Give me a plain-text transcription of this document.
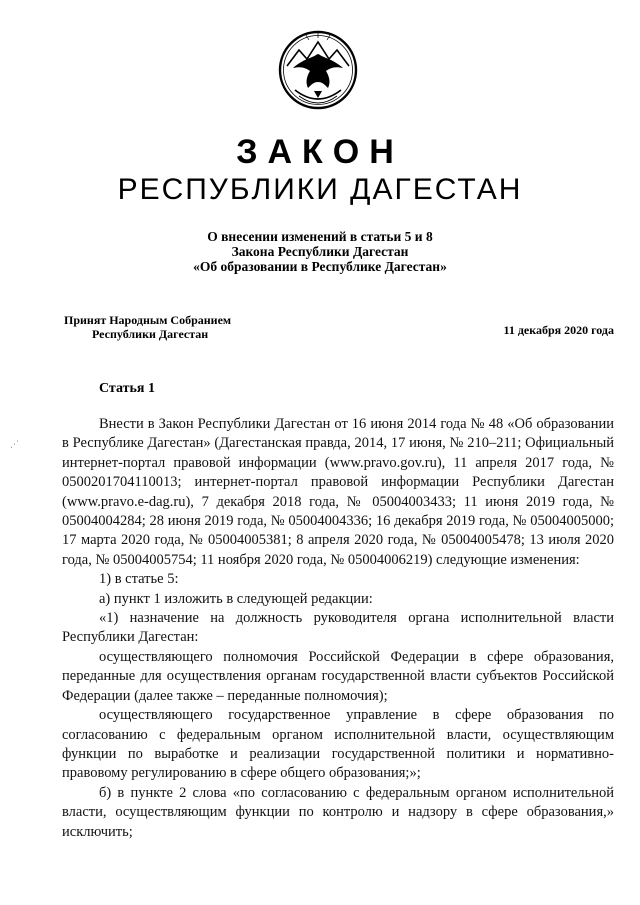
ЗАКОН
РЕСПУБЛИКИ ДАГЕСТАН
О внесении изменений в статьи 5 и 8
Закона Республики Дагестан
«Об образовании в Республике Дагестан»
Принят Народным Собранием
Республики Дагестан	11 декабря 2020 года
Статья 1
⋰

Внести в Закон Республики Дагестан от 16 июня 2014 года № 48 «Об образовании в Республике Дагестан» (Дагестанская правда, 2014, 17 июня, № 210–211; Официальный интернет-портал правовой информации (www.pravo.gov.ru), 11 апреля 2017 года, № 0500201704110013; интернет-портал правовой информации Республики Дагестан (www.pravo.e-dag.ru), 7 декабря 2018 года, № 05004003433; 11 июня 2019 года, № 05004004284; 28 июня 2019 года, № 05004004336; 16 декабря 2019 года, № 05004005000; 17 марта 2020 года, № 05004005381; 8 апреля 2020 года, № 05004005478; 13 июля 2020 года, № 05004005754; 11 ноября 2020 года, № 05004006219) следующие изменения:

1) в статье 5:

а) пункт 1 изложить в следующей редакции:

«1) назначение на должность руководителя органа исполнительной власти Республики Дагестан:

осуществляющего полномочия Российской Федерации в сфере образования, переданные для осуществления органам государственной власти субъектов Российской Федерации (далее также – переданные полномочия);

осуществляющего государственное управление в сфере образования по согласованию с федеральным органом исполнительной власти, осуществляющим функции по выработке и реализации государственной политики и нормативно-правовому регулированию в сфере общего образования;»;

б) в пункте 2 слова «по согласованию с федеральным органом исполнительной власти, осуществляющим функции по контролю и надзору в сфере образования,» исключить;
